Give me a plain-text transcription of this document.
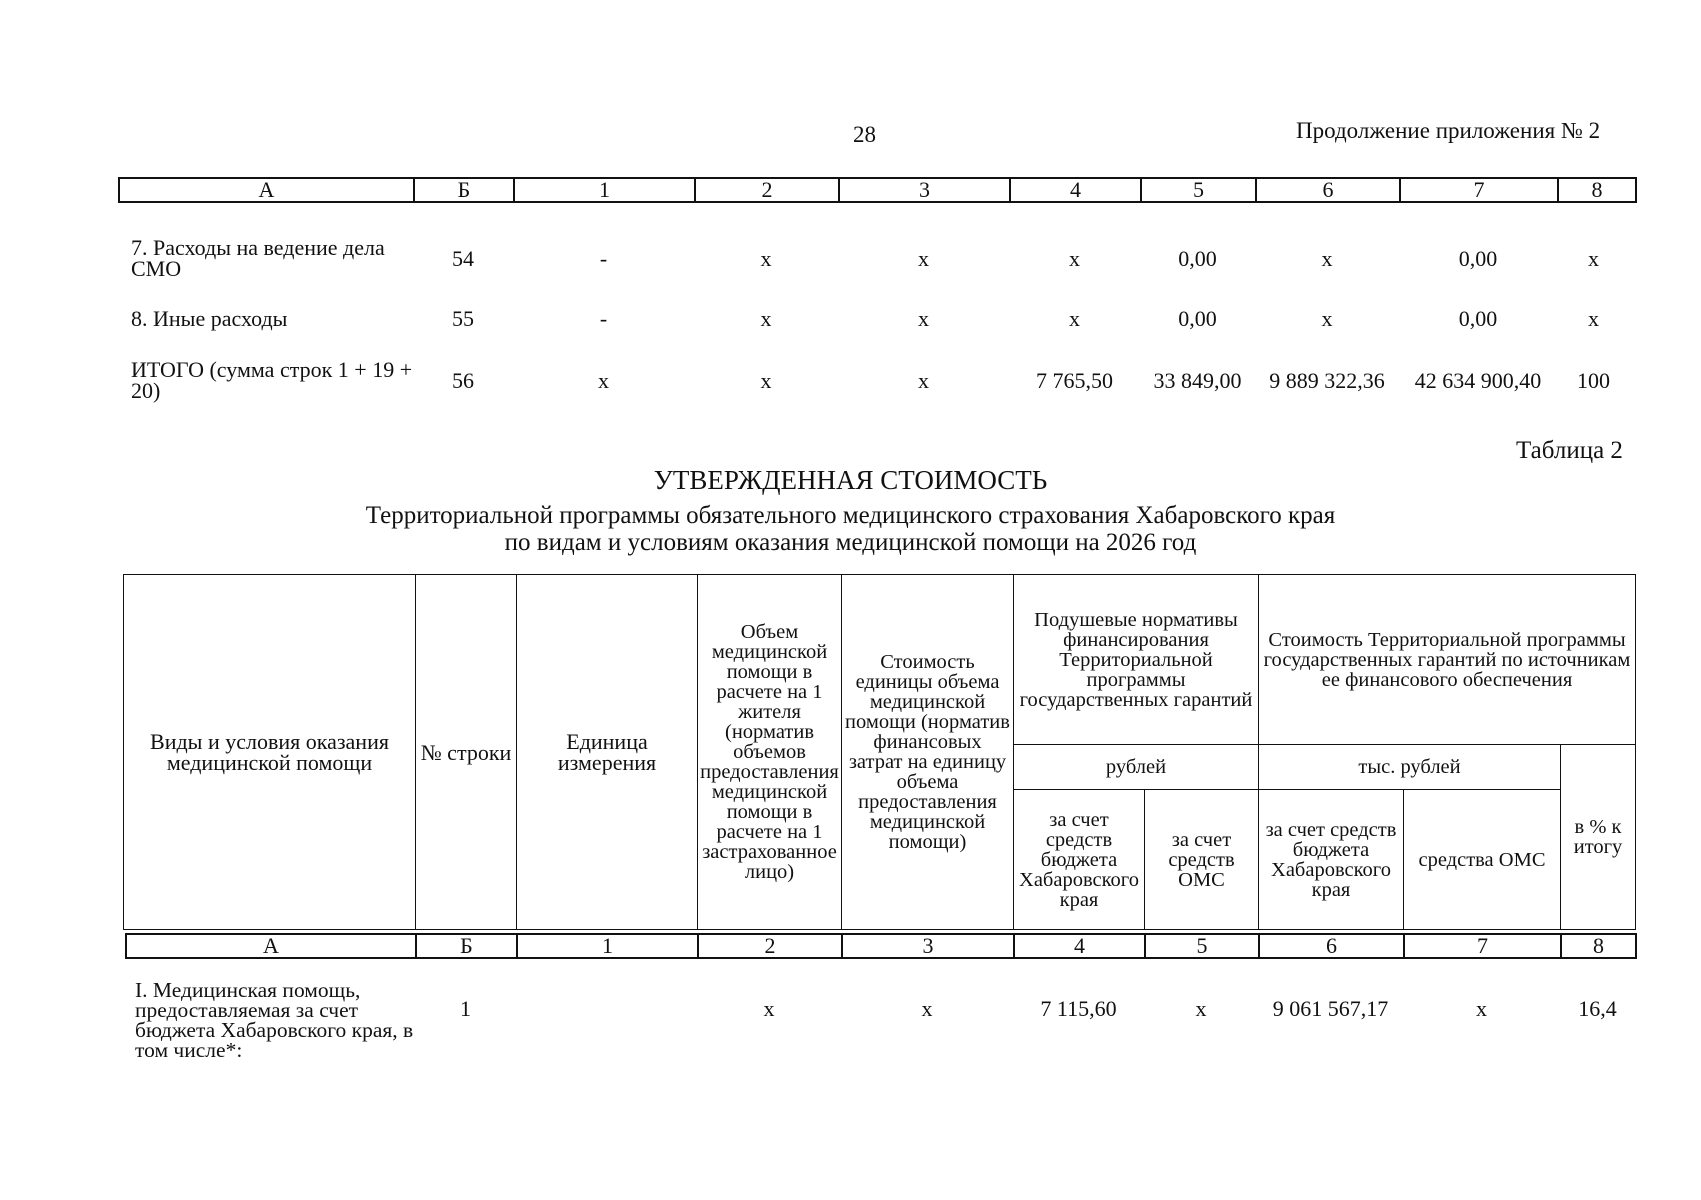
28	Продолжение приложения № 2
А	Б	1	2	3	4	5	6	7	8
7. Расходы на ведение дела СМО	54	-	х	х	х	0,00	х	0,00	х
8. Иные расходы	55	-	х	х	х	0,00	х	0,00	х
ИТОГО (сумма строк 1 + 19 + 20)	56	х	х	х	7 765,50	33 849,00	9 889 322,36	42 634 900,40	100
Таблица 2
УТВЕРЖДЕННАЯ СТОИМОСТЬ
Территориальной программы обязательного медицинского страхования Хабаровского края
по видам и условиям оказания медицинской помощи на 2026 год
Виды и условия оказания медицинской помощи	№ строки	Единица измерения	Объем медицинской помощи в расчете на 1 жителя (норматив объемов предоставления медицинской помощи в расчете на 1 застрахованное лицо)	Стоимость единицы объема медицинской помощи (норматив финансовых затрат на единицу объема предоставления медицинской помощи)	Подушевые нормативы финансирования Территориальной программы государственных гарантий		Стоимость Территориальной программы государственных гарантий по источникам ее финансового обеспечения		
					рублей		тыс. рублей		в % к итогу
					за счет средств бюджета Хабаровского края	за счет средств ОМС	за счет средств бюджета Хабаровского края	средства ОМС	
А	Б	1	2	3	4	5	6	7	8
I. Медицинская помощь, предоставляемая за счет бюджета Хабаровского края, в том числе*:	1		х	х	7 115,60	х	9 061 567,17	х	16,4
